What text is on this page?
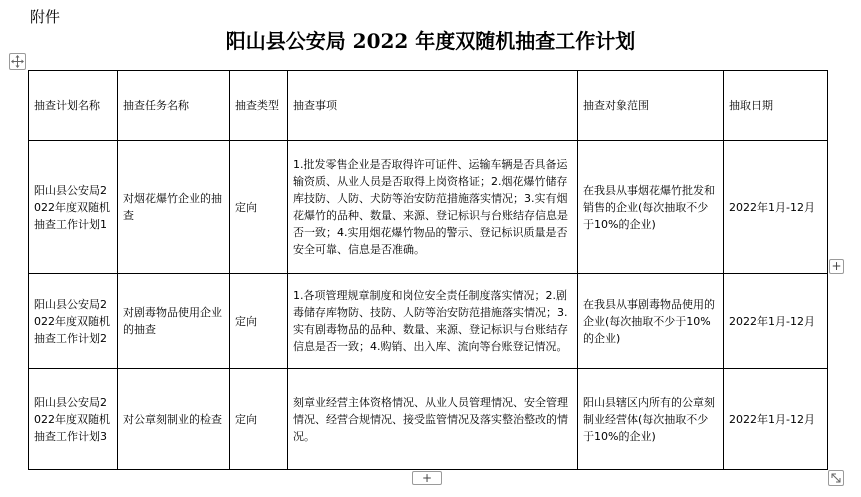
附件
阳山县公安局 2022 年度双随机抽查工作计划
抽查计划名称	抽查任务名称	抽查类型	抽查事项	抽查对象范围	抽取日期
阳山县公安局2022年度双随机抽查工作计划1	对烟花爆竹企业的抽查	定向	1.批发零售企业是否取得许可证件、运输车辆是否具备运输资质、从业人员是否取得上岗资格证；2.烟花爆竹储存库技防、人防、犬防等治安防范措施落实情况；3.实有烟花爆竹的品种、数量、来源、登记标识与台账结存信息是否一致；4.实用烟花爆竹物品的警示、登记标识质量是否安全可靠、信息是否准确。	在我县从事烟花爆竹批发和销售的企业(每次抽取不少于10%的企业)	2022年1月-12月
阳山县公安局2022年度双随机抽查工作计划2	对剧毒物品使用企业的抽查	定向	1.各项管理规章制度和岗位安全责任制度落实情况；2.剧毒储存库物防、技防、人防等治安防范措施落实情况；3.实有剧毒物品的品种、数量、来源、登记标识与台账结存信息是否一致；4.购销、出入库、流向等台账登记情况。	在我县从事剧毒物品使用的企业(每次抽取不少于10%的企业)	2022年1月-12月
阳山县公安局2022年度双随机抽查工作计划3	对公章刻制业的检查	定向	刻章业经营主体资格情况、从业人员管理情况、安全管理情况、经营合规情况、接受监管情况及落实整治整改的情况。	阳山县辖区内所有的公章刻制业经营体(每次抽取不少于10%的企业)	2022年1月-12月
+
+
